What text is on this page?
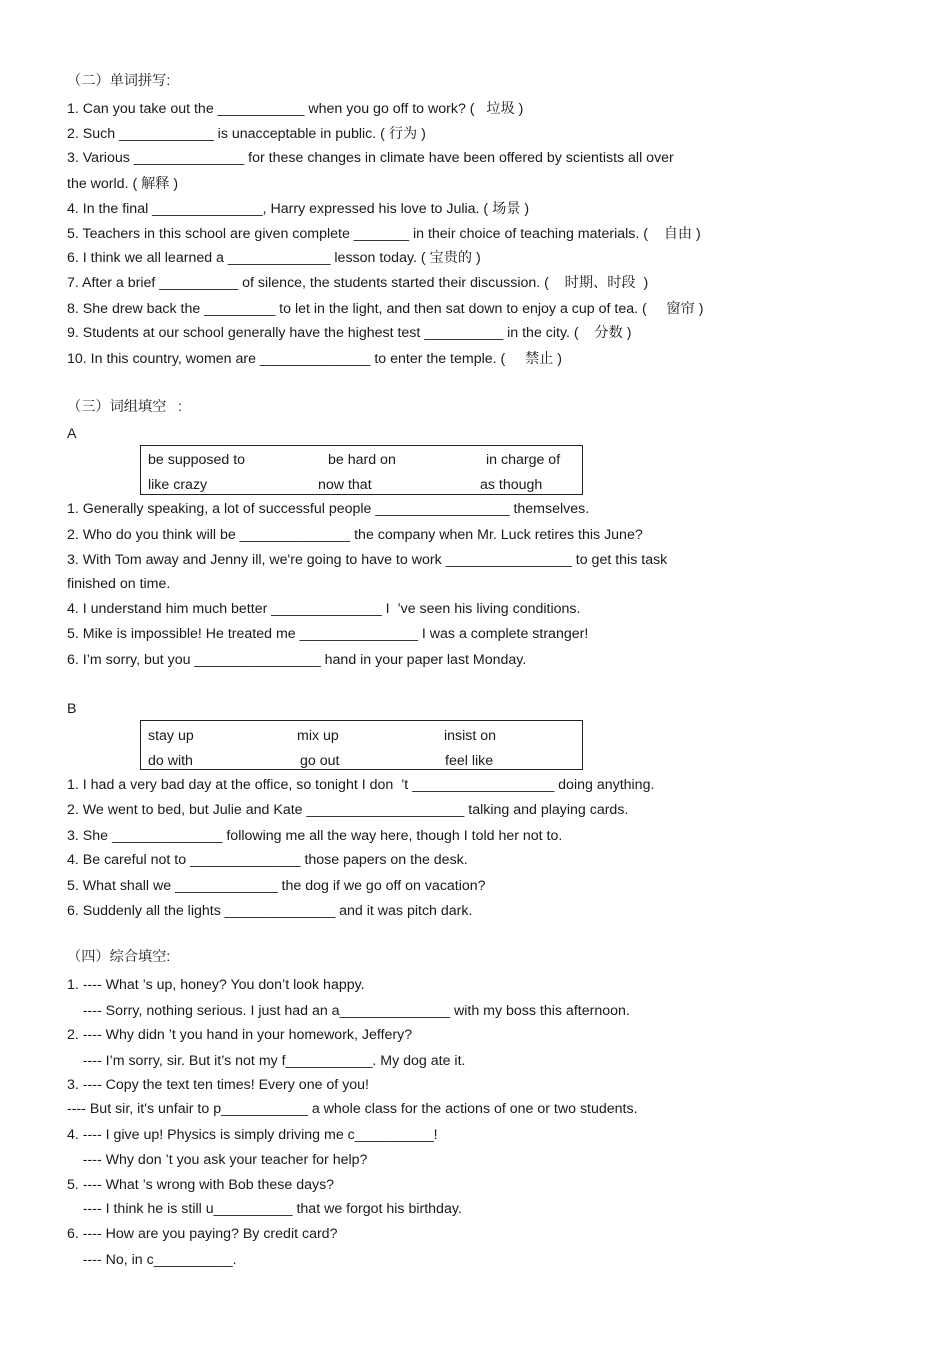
（二）单词拼写:
1. Can you take out the ___________ when you go off to work? (   垃圾 )
2. Such ____________ is unacceptable in public. ( 行为 )
3. Various ______________ for these changes in climate have been offered by scientists all over
the world. ( 解释 )
4. In the final ______________, Harry expressed his love to Julia. ( 场景 )
5. Teachers in this school are given complete _______ in their choice of teaching materials. (    自由 )
6. I think we all learned a _____________ lesson today. ( 宝贵的 )
7. After a brief __________ of silence, the students started their discussion. (    时期、时段  )
8. She drew back the _________ to let in the light, and then sat down to enjoy a cup of tea. (     窗帘 )
9. Students at our school generally have the highest test __________ in the city. (    分数 )
10. In this country, women are ______________ to enter the temple. (     禁止 )
（三）词组填空   :
A
be supposed to	be hard on	in charge of
like crazy	now that	as though
1. Generally speaking, a lot of successful people _________________ themselves.
2. Who do you think will be ______________ the company when Mr. Luck retires this June?
3. With Tom away and Jenny ill, we're going to have to work ________________ to get this task
finished on time.
4. I understand him much better ______________ I  ’ve seen his living conditions.
5. Mike is impossible! He treated me _______________ I was a complete stranger!
6. I’m sorry, but you ________________ hand in your paper last Monday.
B
stay up	mix up	insist on
do with	go out	feel like
1. I had a very bad day at the office, so tonight I don  ’t __________________ doing anything.
2. We went to bed, but Julie and Kate ____________________ talking and playing cards.
3. She ______________ following me all the way here, though I told her not to.
4. Be careful not to ______________ those papers on the desk.
5. What shall we _____________ the dog if we go off on vacation?
6. Suddenly all the lights ______________ and it was pitch dark.
（四）综合填空:
1. ---- What ’s up, honey? You don’t look happy.
---- Sorry, nothing serious. I just had an a______________ with my boss this afternoon.
2. ---- Why didn ’t you hand in your homework, Jeffery?
---- I’m sorry, sir. But it’s not my f___________. My dog ate it.
3. ---- Copy the text ten times! Every one of you!
---- But sir, it's unfair to p___________ a whole class for the actions of one or two students.
4. ---- I give up! Physics is simply driving me c__________!
---- Why don ’t you ask your teacher for help?
5. ---- What ’s wrong with Bob these days?
---- I think he is still u__________ that we forgot his birthday.
6. ---- How are you paying? By credit card?
---- No, in c__________.
